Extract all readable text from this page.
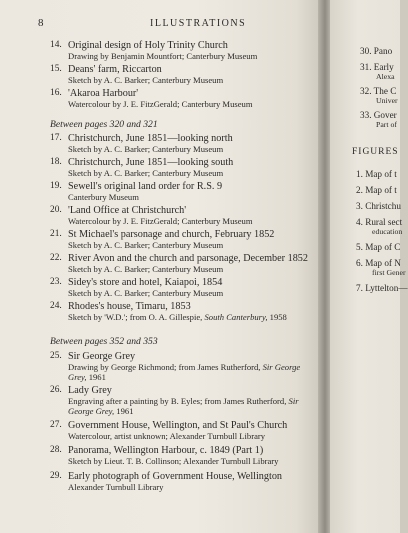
8	ILLUSTRATIONS
14. Original design of Holy Trinity Church
Drawing by Benjamin Mountfort; Canterbury Museum
15. Deans' farm, Riccarton
Sketch by A. C. Barker; Canterbury Museum
16. 'Akaroa Harbour'
Watercolour by J. E. FitzGerald; Canterbury Museum
Between pages 320 and 321
17. Christchurch, June 1851—looking north
Sketch by A. C. Barker; Canterbury Museum
18. Christchurch, June 1851—looking south
Sketch by A. C. Barker; Canterbury Museum
19. Sewell's original land order for R.S. 9
Canterbury Museum
20. 'Land Office at Christchurch'
Watercolour by J. E. FitzGerald; Canterbury Museum
21. St Michael's parsonage and church, February 1852
Sketch by A. C. Barker; Canterbury Museum
22. River Avon and the church and parsonage, December 1852
Sketch by A. C. Barker; Canterbury Museum
23. Sidey's store and hotel, Kaiapoi, 1854
Sketch by A. C. Barker; Canterbury Museum
24. Rhodes's house, Timaru, 1853
Sketch by 'W.D.'; from O. A. Gillespie, South Canterbury, 1958
Between pages 352 and 353
25. Sir George Grey
Drawing by George Richmond; from James Rutherford, Sir George
Grey, 1961
26. Lady Grey
Engraving after a painting by B. Eyles; from James Rutherford, Sir
George Grey, 1961
27. Government House, Wellington, and St Paul's Church
Watercolour, artist unknown; Alexander Turnbull Library
28. Panorama, Wellington Harbour, c. 1849 (Part 1)
Sketch by Lieut. T. B. Collinson; Alexander Turnbull Library
29. Early photograph of Government House, Wellington
Alexander Turnbull Library
30. Pano
31. Early
Alexa
32. The C
Univer
33. Gover
Part of
FIGURES
1. Map of t
2. Map of t
3. Christchu
4. Rural sect
education
5. Map of C
6. Map of N
first Gener
7. Lyttelton—
